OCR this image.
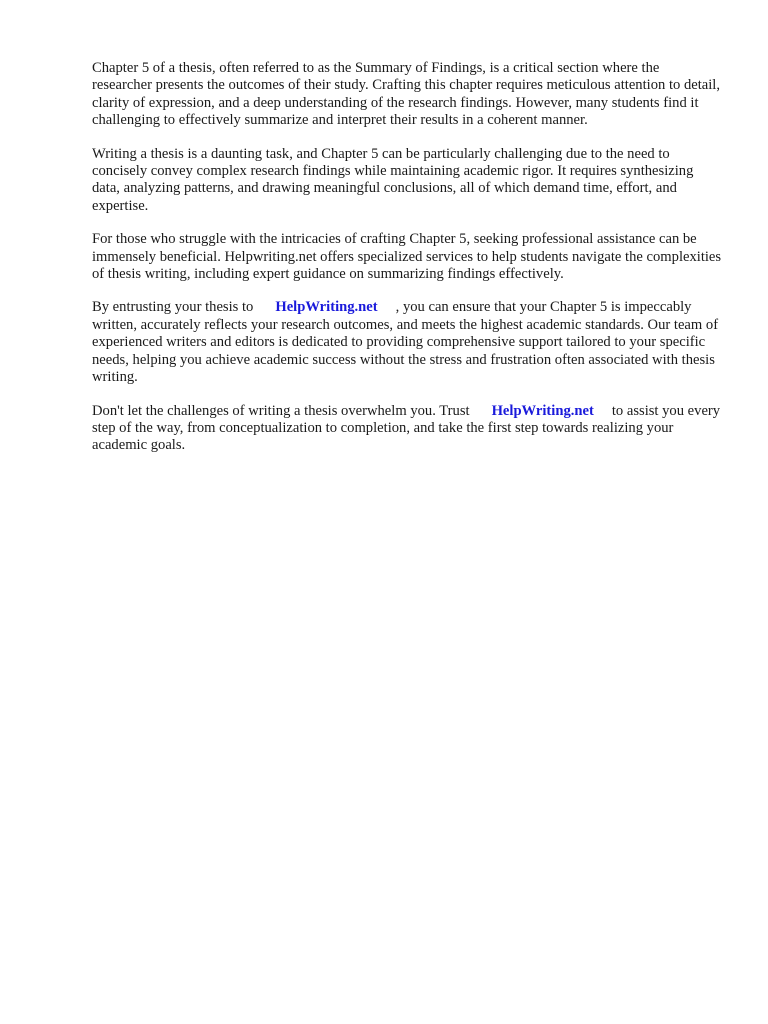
Chapter 5 of a thesis, often referred to as the Summary of Findings, is a critical section where the researcher presents the outcomes of their study. Crafting this chapter requires meticulous attention to detail, clarity of expression, and a deep understanding of the research findings. However, many students find it challenging to effectively summarize and interpret their results in a coherent manner.

Writing a thesis is a daunting task, and Chapter 5 can be particularly challenging due to the need to concisely convey complex research findings while maintaining academic rigor. It requires synthesizing data, analyzing patterns, and drawing meaningful conclusions, all of which demand time, effort, and expertise.

For those who struggle with the intricacies of crafting Chapter 5, seeking professional assistance can be immensely beneficial. Helpwriting.net offers specialized services to help students navigate the complexities of thesis writing, including expert guidance on summarizing findings effectively.

By entrusting your thesis to HelpWriting.net , you can ensure that your Chapter 5 is impeccably written, accurately reflects your research outcomes, and meets the highest academic standards. Our team of experienced writers and editors is dedicated to providing comprehensive support tailored to your specific needs, helping you achieve academic success without the stress and frustration often associated with thesis writing.

Don't let the challenges of writing a thesis overwhelm you. Trust HelpWriting.net to assist you every step of the way, from conceptualization to completion, and take the first step towards realizing your academic goals.
